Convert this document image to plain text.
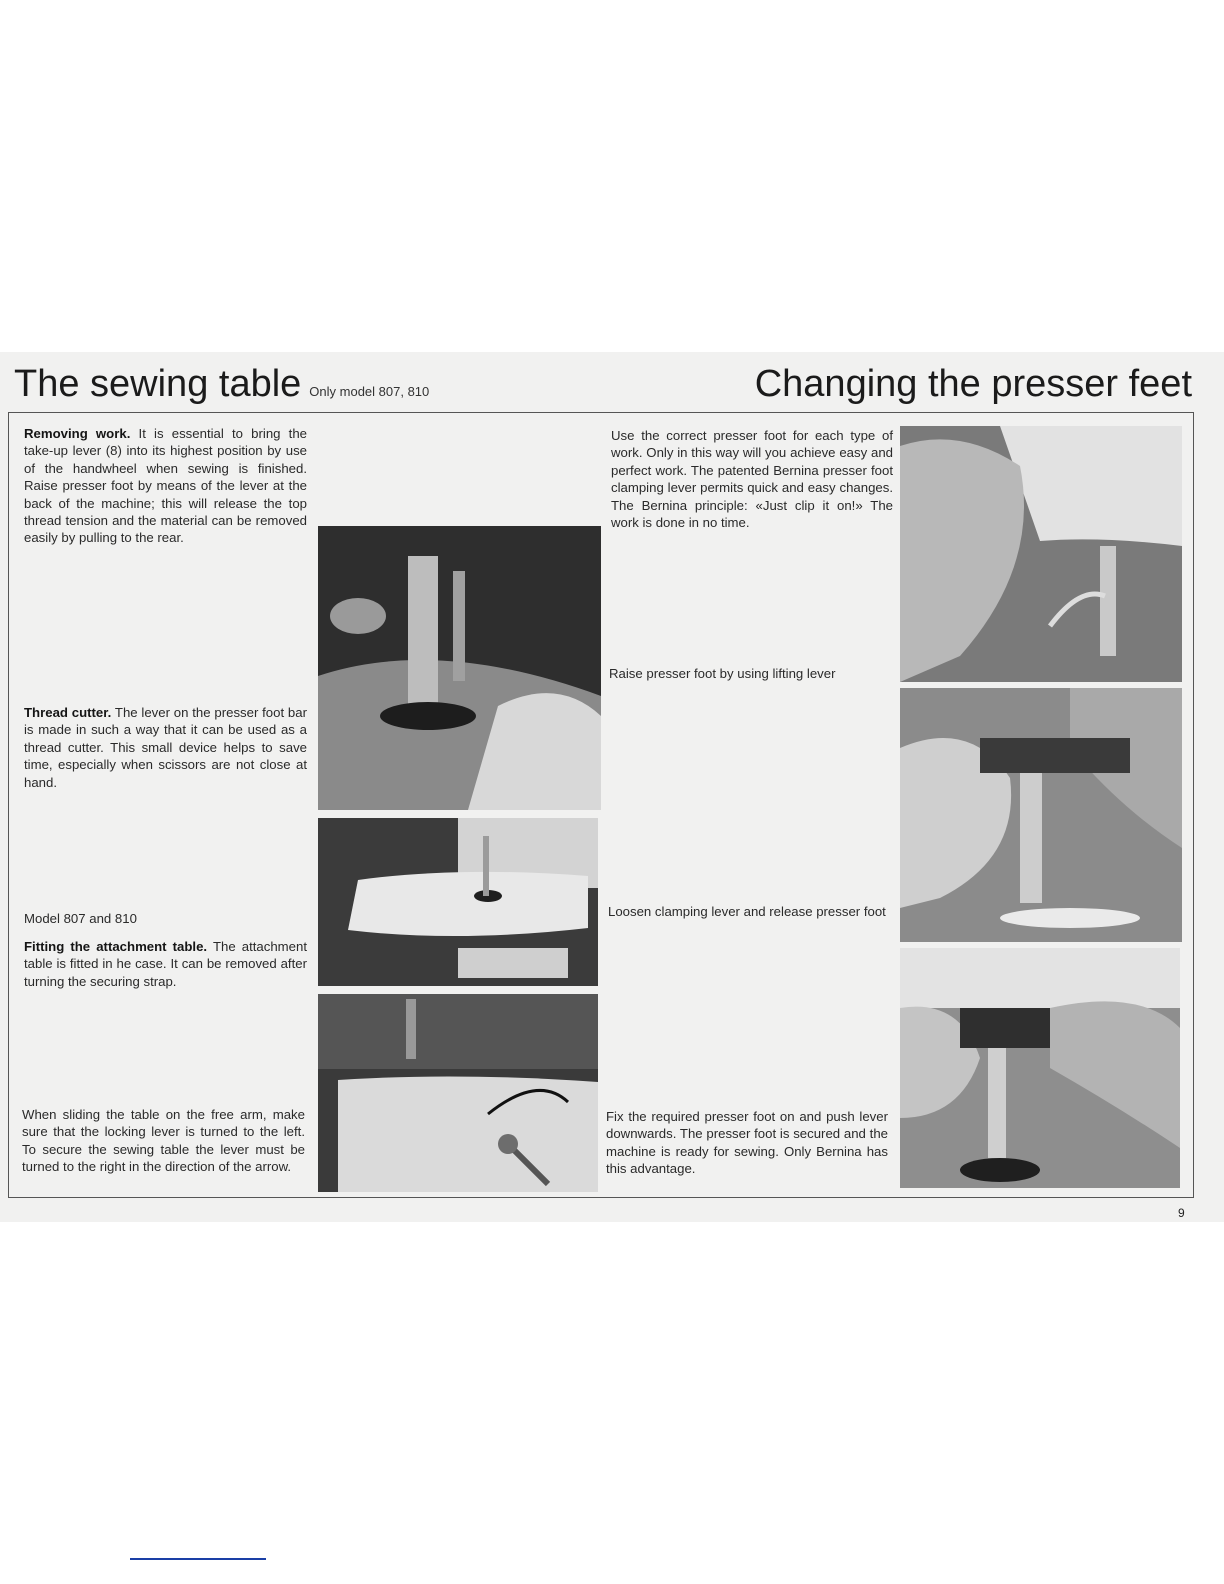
The sewing table Only model 807, 810	Changing the presser feet
Removing work. It is essential to bring the take-up lever (8) into its highest position by use of the handwheel when sewing is finished. Raise presser foot by means of the lever at the back of the machine; this will release the top thread tension and the material can be removed easily by pulling to the rear.
Thread cutter. The lever on the presser foot bar is made in such a way that it can be used as a thread cutter. This small device helps to save time, especially when scissors are not close at hand.
Model 807 and 810
Fitting the attachment table. The attachment table is fitted in he case. It can be removed after turning the securing strap.
When sliding the table on the free arm, make sure that the locking lever is turned to the left. To secure the sewing table the lever must be turned to the right in the direction of the arrow.
Use the correct presser foot for each type of work. Only in this way will you achieve easy and perfect work. The patented Bernina presser foot clamping lever permits quick and easy changes. The Bernina principle: «Just clip it on!» The work is done in no time.
Raise presser foot by using lifting lever
Loosen clamping lever and release presser foot
Fix the required presser foot on and push lever downwards. The presser foot is secured and the machine is ready for sewing. Only Bernina has this advantage.
9
